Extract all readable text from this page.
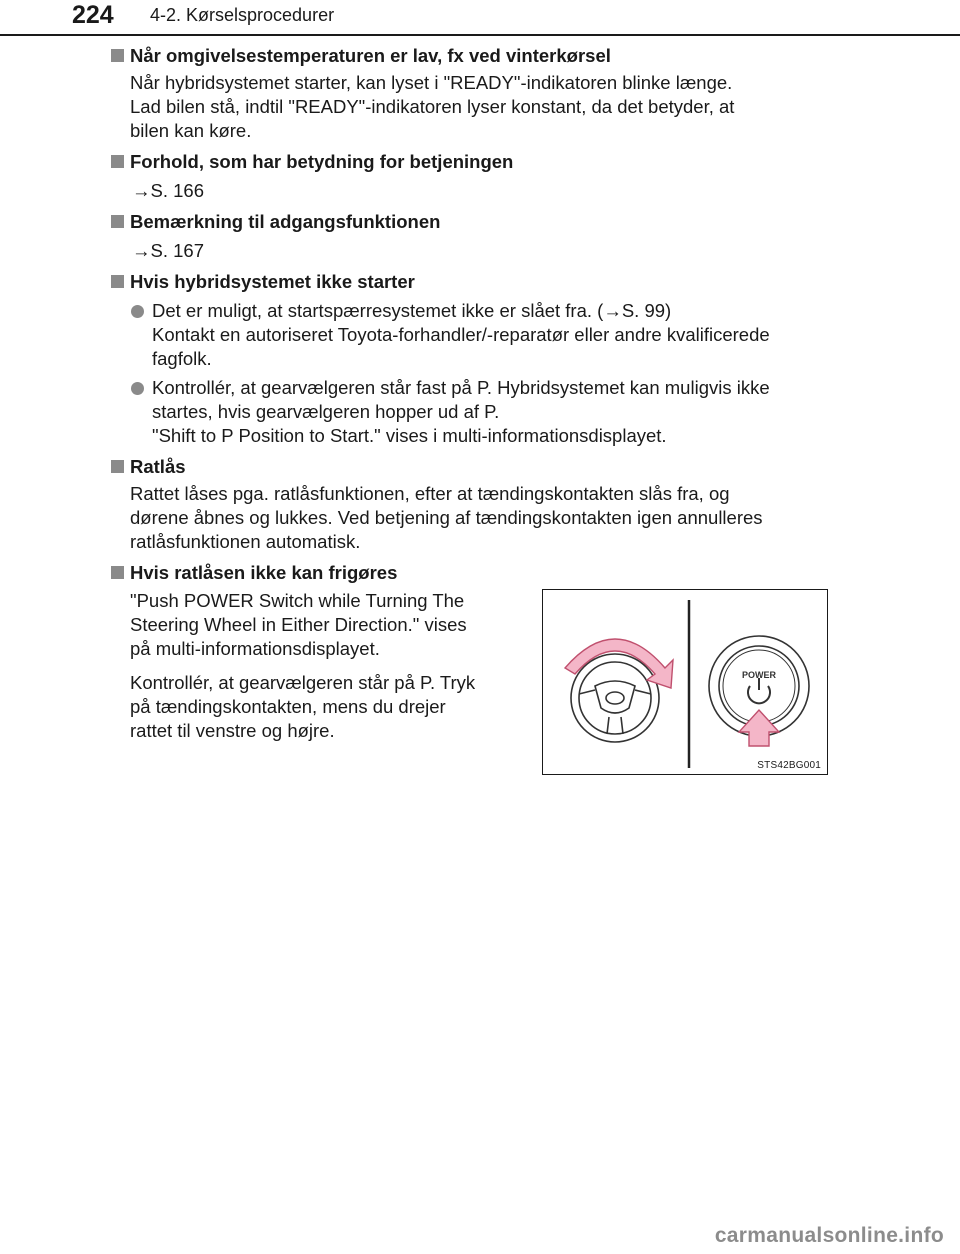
224 4-2. Kørselsprocedurer
Når omgivelsestemperaturen er lav, fx ved vinterkørsel
Når hybridsystemet starter, kan lyset i "READY"-indikatoren blinke længe.
Lad bilen stå, indtil "READY"-indikatoren lyser konstant, da det betyder, at
bilen kan køre.
Forhold, som har betydning for betjeningen
→S. 166
Bemærkning til adgangsfunktionen
→S. 167
Hvis hybridsystemet ikke starter
Det er muligt, at startspærresystemet ikke er slået fra. (→S. 99)
Kontakt en autoriseret Toyota-forhandler/-reparatør eller andre kvalificerede
fagfolk.
Kontrollér, at gearvælgeren står fast på P. Hybridsystemet kan muligvis ikke
startes, hvis gearvælgeren hopper ud af P.
"Shift to P Position to Start." vises i multi-informationsdisplayet.
Ratlås
Rattet låses pga. ratlåsfunktionen, efter at tændingskontakten slås fra, og
dørene åbnes og lukkes. Ved betjening af tændingskontakten igen annulleres
ratlåsfunktionen automatisk.
Hvis ratlåsen ikke kan frigøres

"Push POWER Switch while Turning The
Steering Wheel in Either Direction." vises
på multi-informationsdisplayet.

Kontrollér, at gearvælgeren står på P. Tryk
på tændingskontakten, mens du drejer
rattet til venstre og højre.

POWER
STS42BG001
carmanualsonline.info
